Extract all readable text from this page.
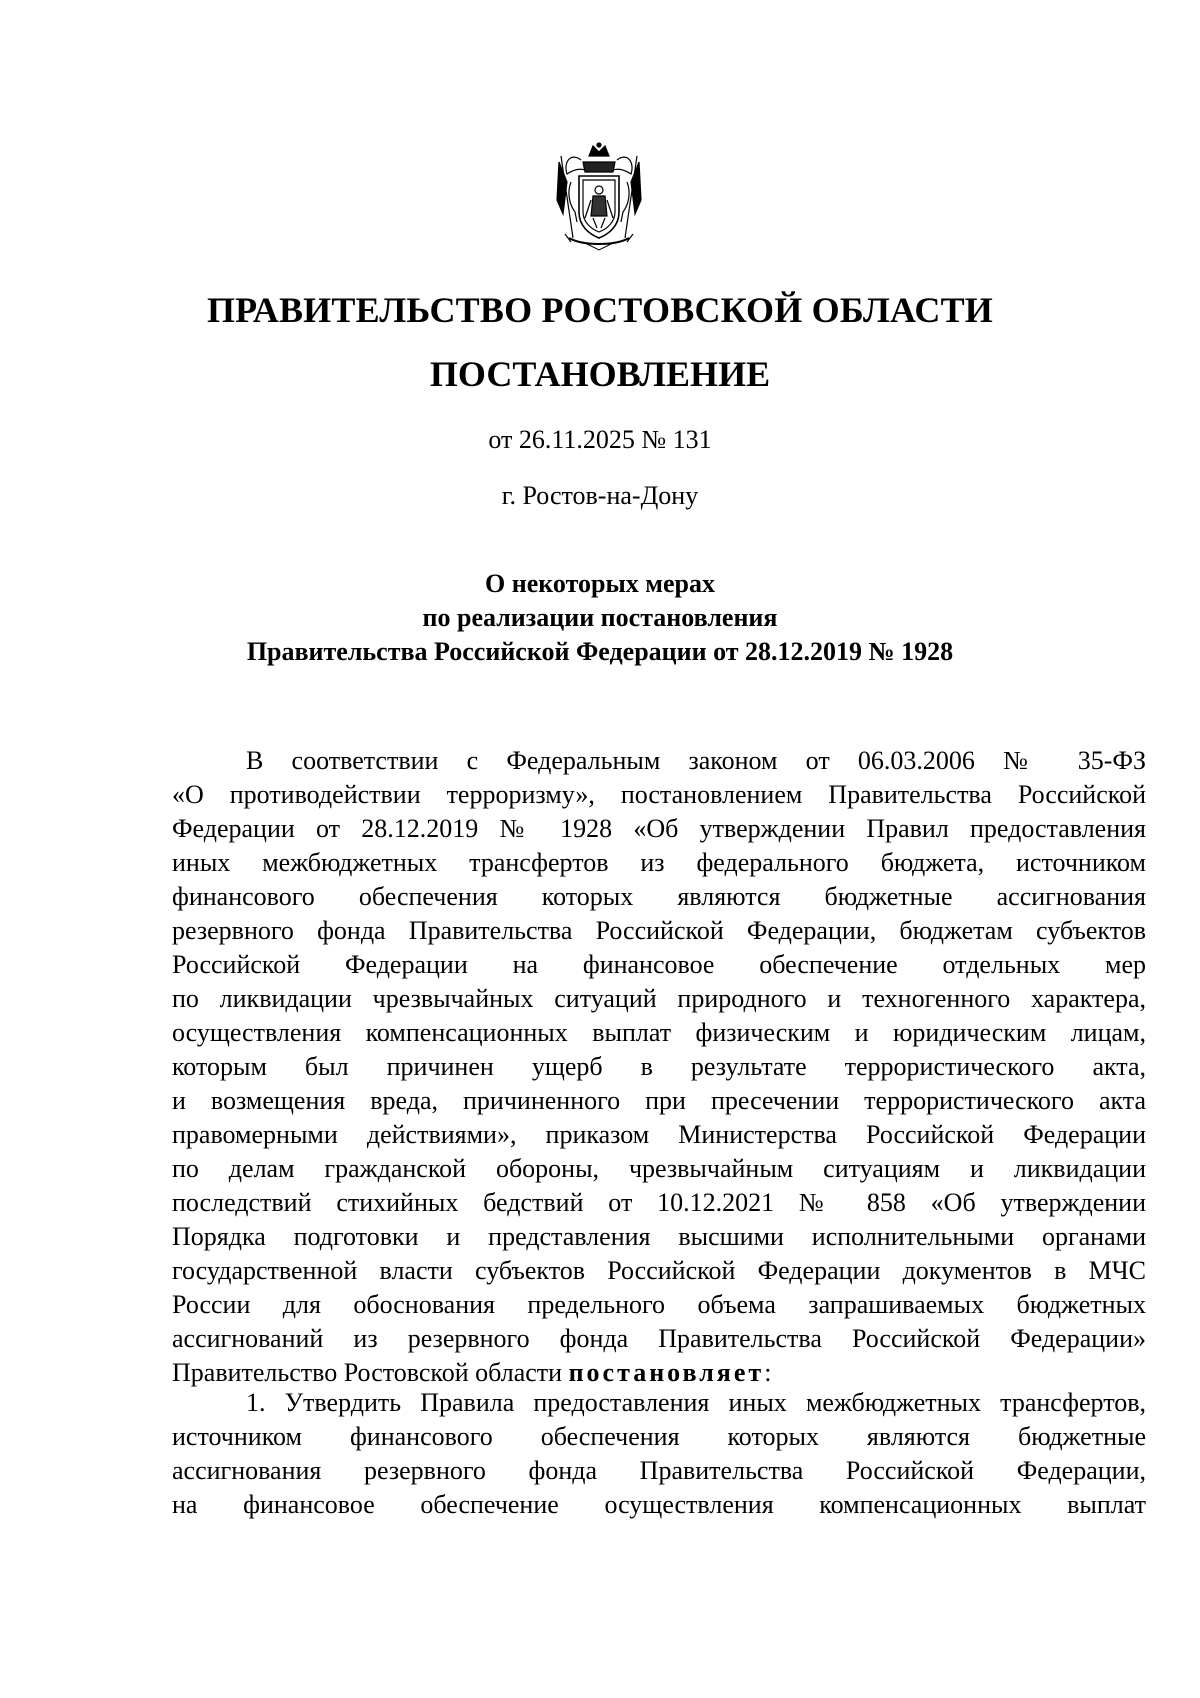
ПРАВИТЕЛЬСТВО РОСТОВСКОЙ ОБЛАСТИ
ПОСТАНОВЛЕНИЕ
от 26.11.2025 № 131
г. Ростов-на-Дону
О некоторых мерах
по реализации постановления
Правительства Российской Федерации от 28.12.2019 № 1928
В соответствии с Федеральным законом от 06.03.2006 № 35-ФЗ
«О противодействии терроризму», постановлением Правительства Российской
Федерации от 28.12.2019 № 1928 «Об утверждении Правил предоставления
иных межбюджетных трансфертов из федерального бюджета, источником
финансового обеспечения которых являются бюджетные ассигнования
резервного фонда Правительства Российской Федерации, бюджетам субъектов
Российской Федерации на финансовое обеспечение отдельных мер
по ликвидации чрезвычайных ситуаций природного и техногенного характера,
осуществления компенсационных выплат физическим и юридическим лицам,
которым был причинен ущерб в результате террористического акта,
и возмещения вреда, причиненного при пресечении террористического акта
правомерными действиями», приказом Министерства Российской Федерации
по делам гражданской обороны, чрезвычайным ситуациям и ликвидации
последствий стихийных бедствий от 10.12.2021 № 858 «Об утверждении
Порядка подготовки и представления высшими исполнительными органами
государственной власти субъектов Российской Федерации документов в МЧС
России для обоснования предельного объема запрашиваемых бюджетных
ассигнований из резервного фонда Правительства Российской Федерации»
Правительство Ростовской области постановляет:
1. Утвердить Правила предоставления иных межбюджетных трансфертов,
источником финансового обеспечения которых являются бюджетные
ассигнования резервного фонда Правительства Российской Федерации,
на финансовое обеспечение осуществления компенсационных выплат
